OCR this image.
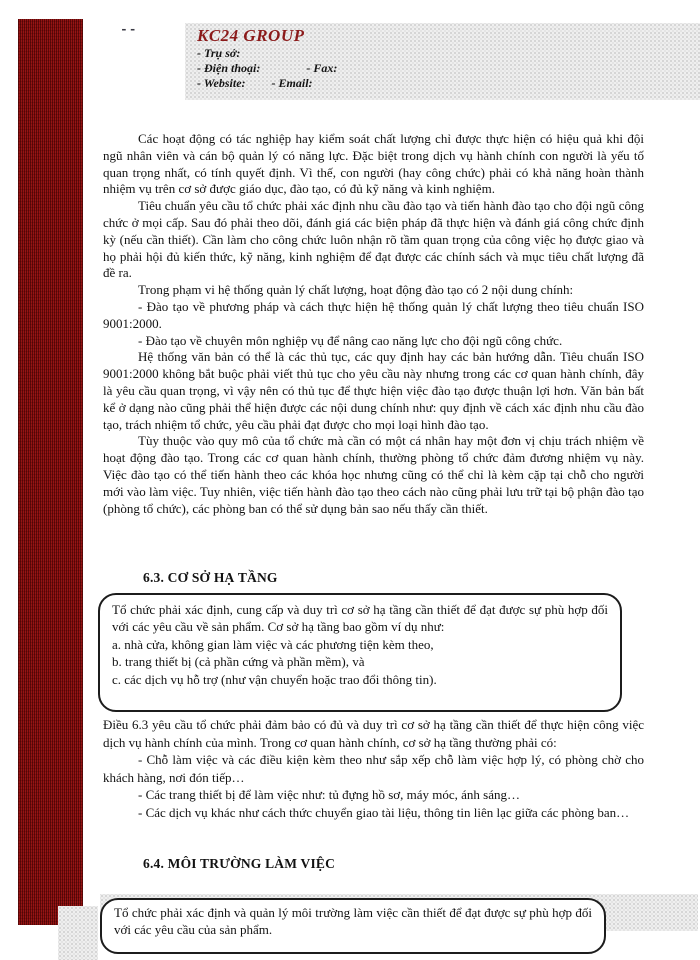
--	KC24 GROUP
- Trụ sở:
- Điện thoại:	- Fax:
- Website: - Email:

Các hoạt động có tác nghiệp hay kiểm soát chất lượng chỉ được thực hiện có hiệu quả khi đội ngũ nhân viên và cán bộ quản lý có năng lực. Đặc biệt trong dịch vụ hành chính con người là yếu tố quan trọng nhất, có tính quyết định. Vì thế, con người (hay công chức) phải có khả năng hoàn thành nhiệm vụ trên cơ sở được giáo dục, đào tạo, có đủ kỹ năng và kinh nghiệm.

Tiêu chuẩn yêu cầu tổ chức phải xác định nhu cầu đào tạo và tiến hành đào tạo cho đội ngũ công chức ở mọi cấp. Sau đó phải theo dõi, đánh giá các biện pháp đã thực hiện và đánh giá công chức định kỳ (nếu cần thiết). Cần làm cho công chức luôn nhận rõ tầm quan trọng của công việc họ được giao và họ phải hội đủ kiến thức, kỹ năng, kinh nghiệm để đạt được các chính sách và mục tiêu chất lượng đã đề ra.

Trong phạm vi hệ thống quản lý chất lượng, hoạt động đào tạo có 2 nội dung chính:

- Đào tạo về phương pháp và cách thực hiện hệ thống quản lý chất lượng theo tiêu chuẩn ISO 9001:2000.

- Đào tạo về chuyên môn nghiệp vụ để nâng cao năng lực cho đội ngũ công chức.

Hệ thống văn bản có thể là các thủ tục, các quy định hay các bản hướng dẫn. Tiêu chuẩn ISO 9001:2000 không bắt buộc phải viết thủ tục cho yêu cầu này nhưng trong các cơ quan hành chính, đây là yêu cầu quan trọng, vì vậy nên có thủ tục để thực hiện việc đào tạo được thuận lợi hơn. Văn bản bất kể ở dạng nào cũng phải thể hiện được các nội dung chính như: quy định về cách xác định nhu cầu đào tạo, trách nhiệm tổ chức, yêu cầu phải đạt được cho mọi loại hình đào tạo.

Tùy thuộc vào quy mô của tổ chức mà cần có một cá nhân hay một đơn vị chịu trách nhiệm về hoạt động đào tạo. Trong các cơ quan hành chính, thường phòng tổ chức đảm đương nhiệm vụ này. Việc đào tạo có thể tiến hành theo các khóa học nhưng cũng có thể chỉ là kèm cặp tại chỗ cho người mới vào làm việc. Tuy nhiên, việc tiến hành đào tạo theo cách nào cũng phải lưu trữ tại bộ phận đào tạo (phòng tổ chức), các phòng ban có thể sử dụng bản sao nếu thấy cần thiết.

6.3. CƠ SỞ HẠ TẦNG

Tổ chức phải xác định, cung cấp và duy trì cơ sở hạ tầng cần thiết để đạt được sự phù hợp đối với các yêu cầu về sản phẩm. Cơ sở hạ tầng bao gồm ví dụ như:

a. nhà cửa, không gian làm việc và các phương tiện kèm theo,

b. trang thiết bị (cả phần cứng và phần mềm), và

c. các dịch vụ hỗ trợ (như vận chuyển hoặc trao đổi thông tin).

Điều 6.3 yêu cầu tổ chức phải đảm bảo có đủ và duy trì cơ sở hạ tầng cần thiết để thực hiện công việc dịch vụ hành chính của mình. Trong cơ quan hành chính, cơ sở hạ tầng thường phải có:

- Chỗ làm việc và các điều kiện kèm theo như sắp xếp chỗ làm việc hợp lý, có phòng chờ cho khách hàng, nơi đón tiếp…

- Các trang thiết bị để làm việc như: tủ đựng hồ sơ, máy móc, ánh sáng…

- Các dịch vụ khác như cách thức chuyển giao tài liệu, thông tin liên lạc giữa các phòng ban…

6.4. MÔI TRƯỜNG LÀM VIỆC

Tổ chức phải xác định và quản lý môi trường làm việc cần thiết để đạt được sự phù hợp đối với các yêu cầu của sản phẩm.
